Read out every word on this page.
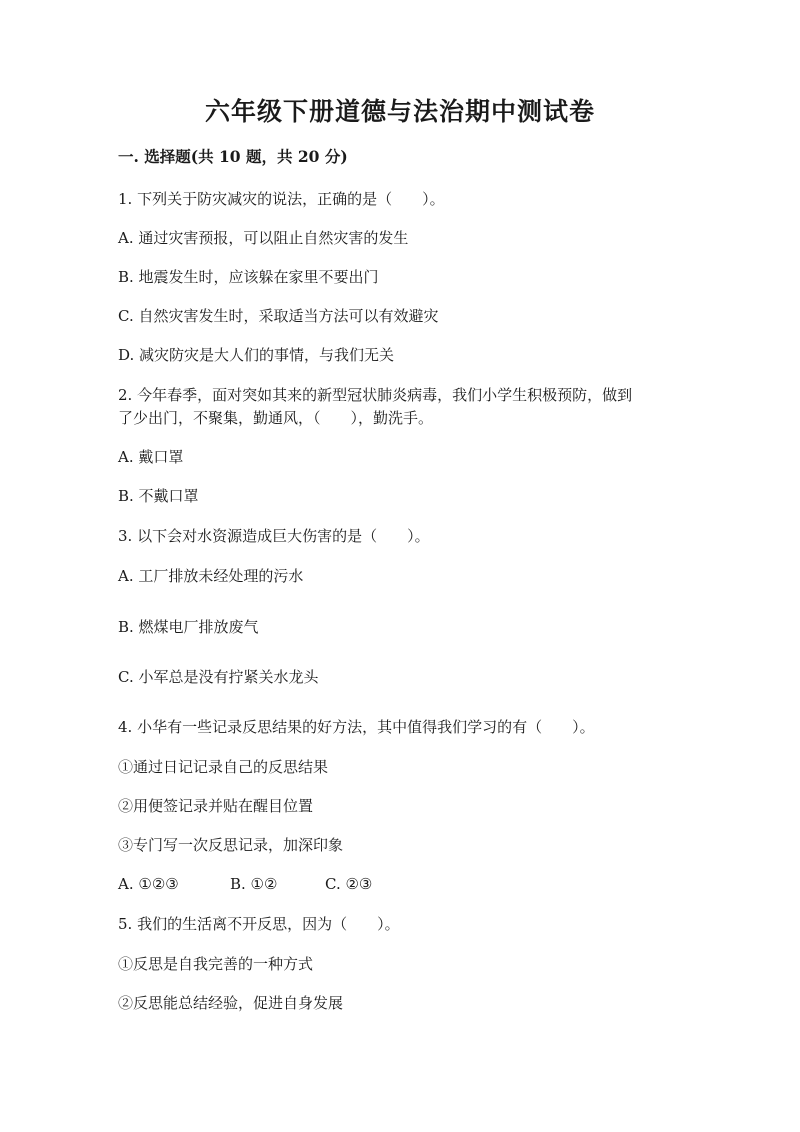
六年级下册道德与法治期中测试卷
一. 选择题(共 10 题，共 20 分)
1. 下列关于防灾减灾的说法，正确的是（　　）。
A. 通过灾害预报，可以阻止自然灾害的发生
B. 地震发生时，应该躲在家里不要出门
C. 自然灾害发生时，采取适当方法可以有效避灾
D. 减灾防灾是大人们的事情，与我们无关
2. 今年春季，面对突如其来的新型冠状肺炎病毒，我们小学生积极预防，做到
了少出门，不聚集，勤通风，（　　），勤洗手。
A. 戴口罩
B. 不戴口罩
3. 以下会对水资源造成巨大伤害的是（　　）。
A. 工厂排放未经处理的污水
B. 燃煤电厂排放废气
C. 小军总是没有拧紧关水龙头
4. 小华有一些记录反思结果的好方法，其中值得我们学习的有（　　）。
①通过日记记录自己的反思结果
②用便签记录并贴在醒目位置
③专门写一次反思记录，加深印象
A. ①②③	B. ①②	C. ②③
5. 我们的生活离不开反思，因为（　　）。
①反思是自我完善的一种方式
②反思能总结经验，促进自身发展
